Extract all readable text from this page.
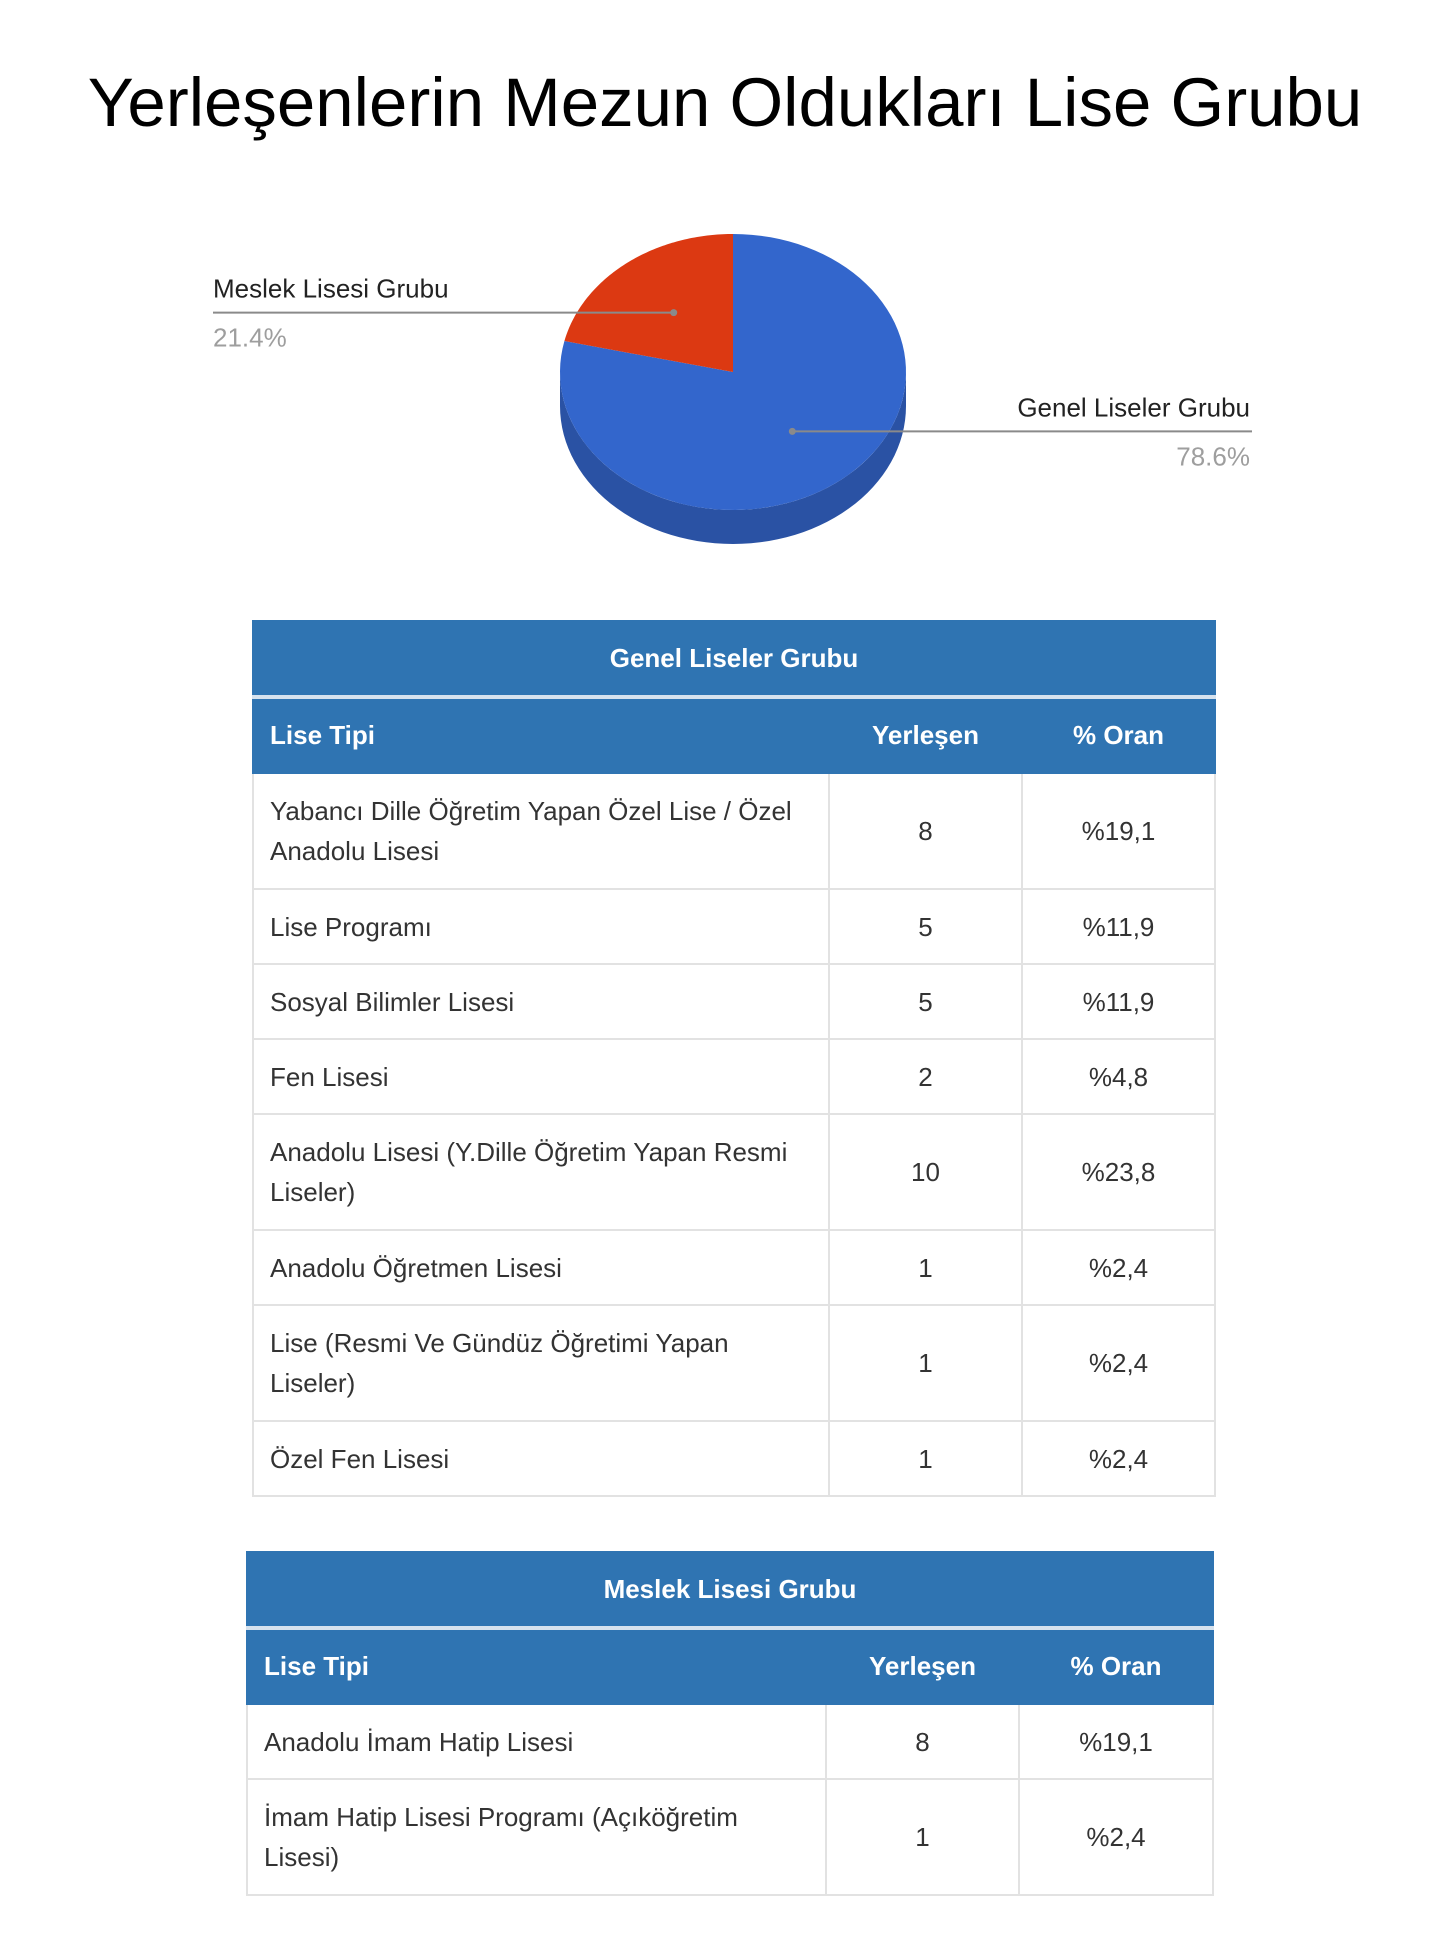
Yerleşenlerin Mezun Oldukları Lise Grubu
Genel Liseler Grubu
78.6%
Meslek Lisesi Grubu
21.4%
Genel Liseler Grubu		
Lise Tipi	Yerleşen	% Oran
Yabancı Dille Öğretim Yapan Özel Lise / Özel Anadolu Lisesi	8	%19,1
Lise Programı	5	%11,9
Sosyal Bilimler Lisesi	5	%11,9
Fen Lisesi	2	%4,8
Anadolu Lisesi (Y.Dille Öğretim Yapan Resmi Liseler)	10	%23,8
Anadolu Öğretmen Lisesi	1	%2,4
Lise (Resmi Ve Gündüz Öğretimi Yapan Liseler)	1	%2,4
Özel Fen Lisesi	1	%2,4
Meslek Lisesi Grubu		
Lise Tipi	Yerleşen	% Oran
Anadolu İmam Hatip Lisesi	8	%19,1
İmam Hatip Lisesi Programı (Açıköğretim Lisesi)	1	%2,4
